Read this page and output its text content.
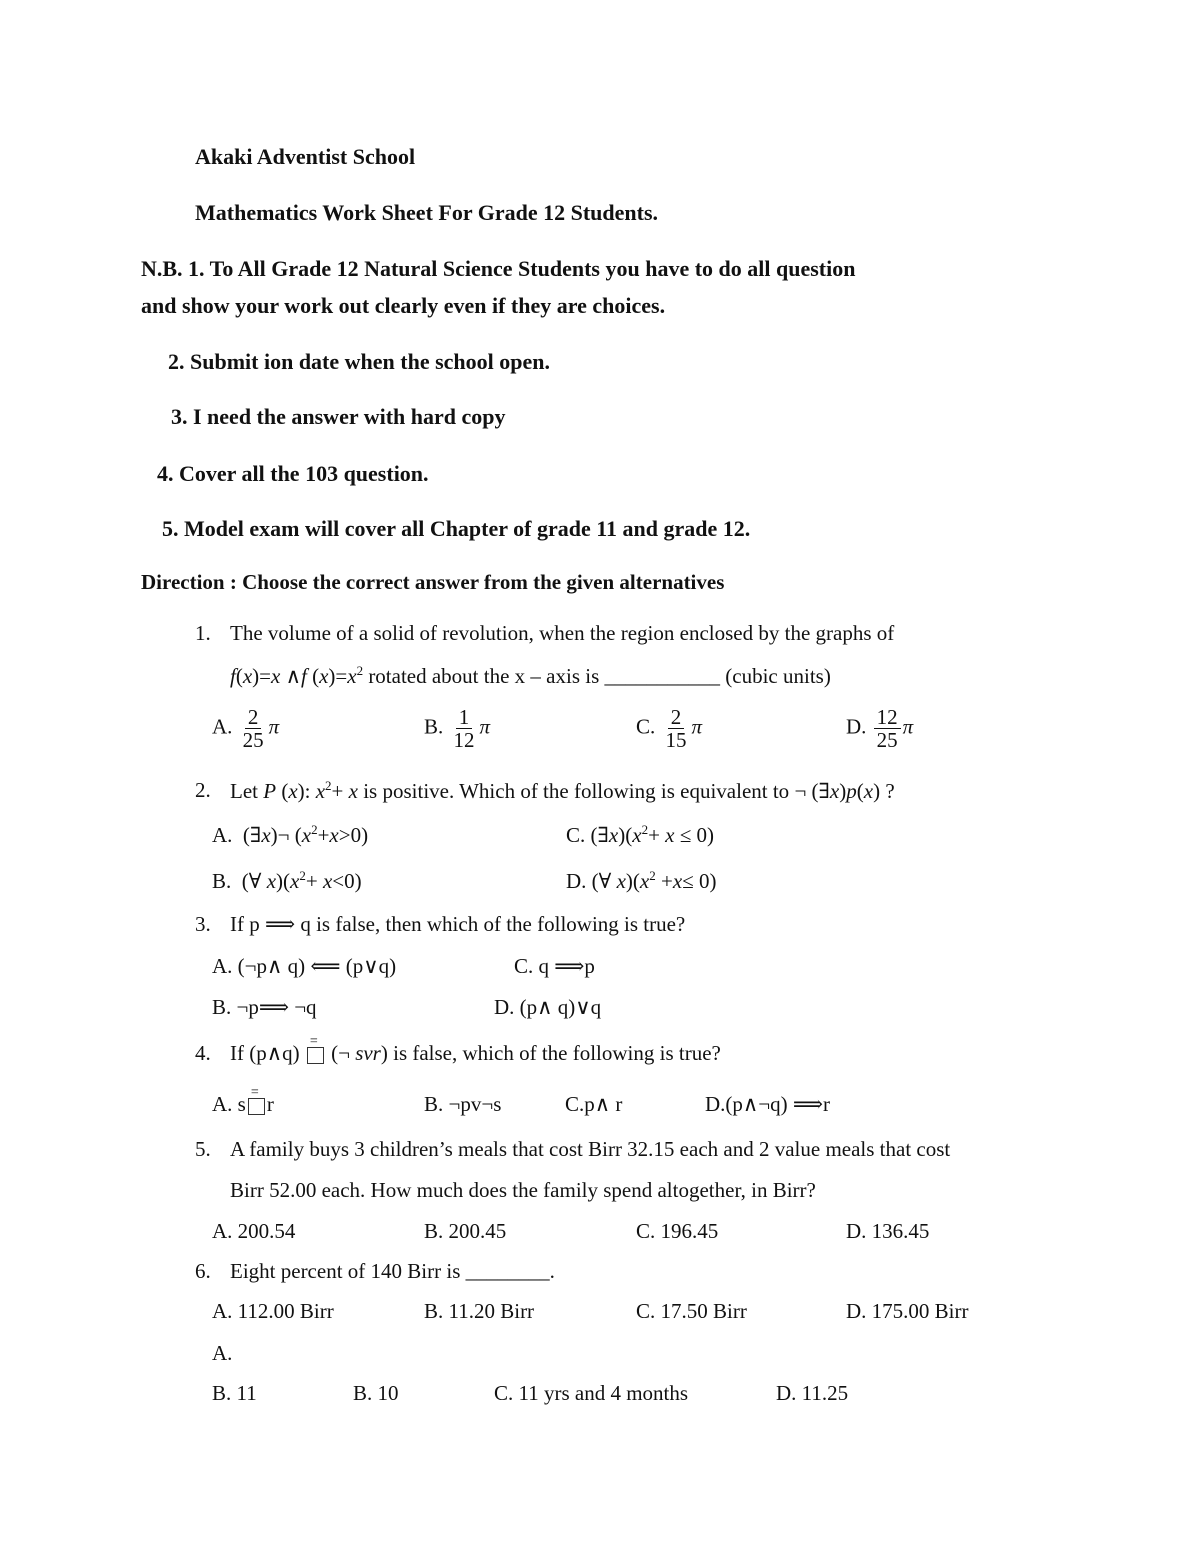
Akaki Adventist School
Mathematics Work Sheet For Grade 12 Students.
N.B. 1. To All Grade 12 Natural Science Students you have to do all question
and show your work out clearly even if they are choices.
2. Submit ion date when the school open.
3. I need the answer with hard copy
4. Cover all the 103 question.
5. Model exam will cover all Chapter of grade 11 and grade 12.
Direction : Choose the correct answer from the given alternatives
1. The volume of a solid of revolution, when the region enclosed by the graphs of
f(x)=x ∧f $(x)=x^2$ rotated about the x – axis is ___________ (cubic units)
A. $\frac{2}{25}$ π	B. $\frac{1}{12}$ π	C. $\frac{2}{15}$ π	D. $\frac{12}{25}$ π
2. Let P (x): $x^2+ x$ is positive. Which of the following is equivalent to ¬ (∃x)p(x) ?
A.  (∃x)¬ $(x^2+x>0)$	C. $(\exists x)(x^2+ x \le 0)$
B.  (∀ $x)(x^2+ x<0)$	D. (∀ $x)(x^2 +x\le 0)$
3. If p ⟹ q is false, then which of the following is true?
A. (¬p∧ q) ⟸ (p∨q)	C. q ⟹p
B. ¬p⟹ ¬q	D. (p∧ q)∨q
4. If (p∧q) = (¬ svr) is false, which of the following is true?
A. s = r	B. ¬pv¬s	C.p∧ r	D.(p∧¬q) ⟹r
5. A family buys 3 children’s meals that cost Birr 32.15 each and 2 value meals that cost
Birr 52.00 each. How much does the family spend altogether, in Birr?
A. 200.54	B. 200.45	C. 196.45	D. 136.45
6. Eight percent of 140 Birr is ________.
A. 112.00 Birr	B. 11.20 Birr	C. 17.50 Birr	D. 175.00 Birr
A.
B. 11	B. 10	C. 11 yrs and 4 months	D. 11.25
